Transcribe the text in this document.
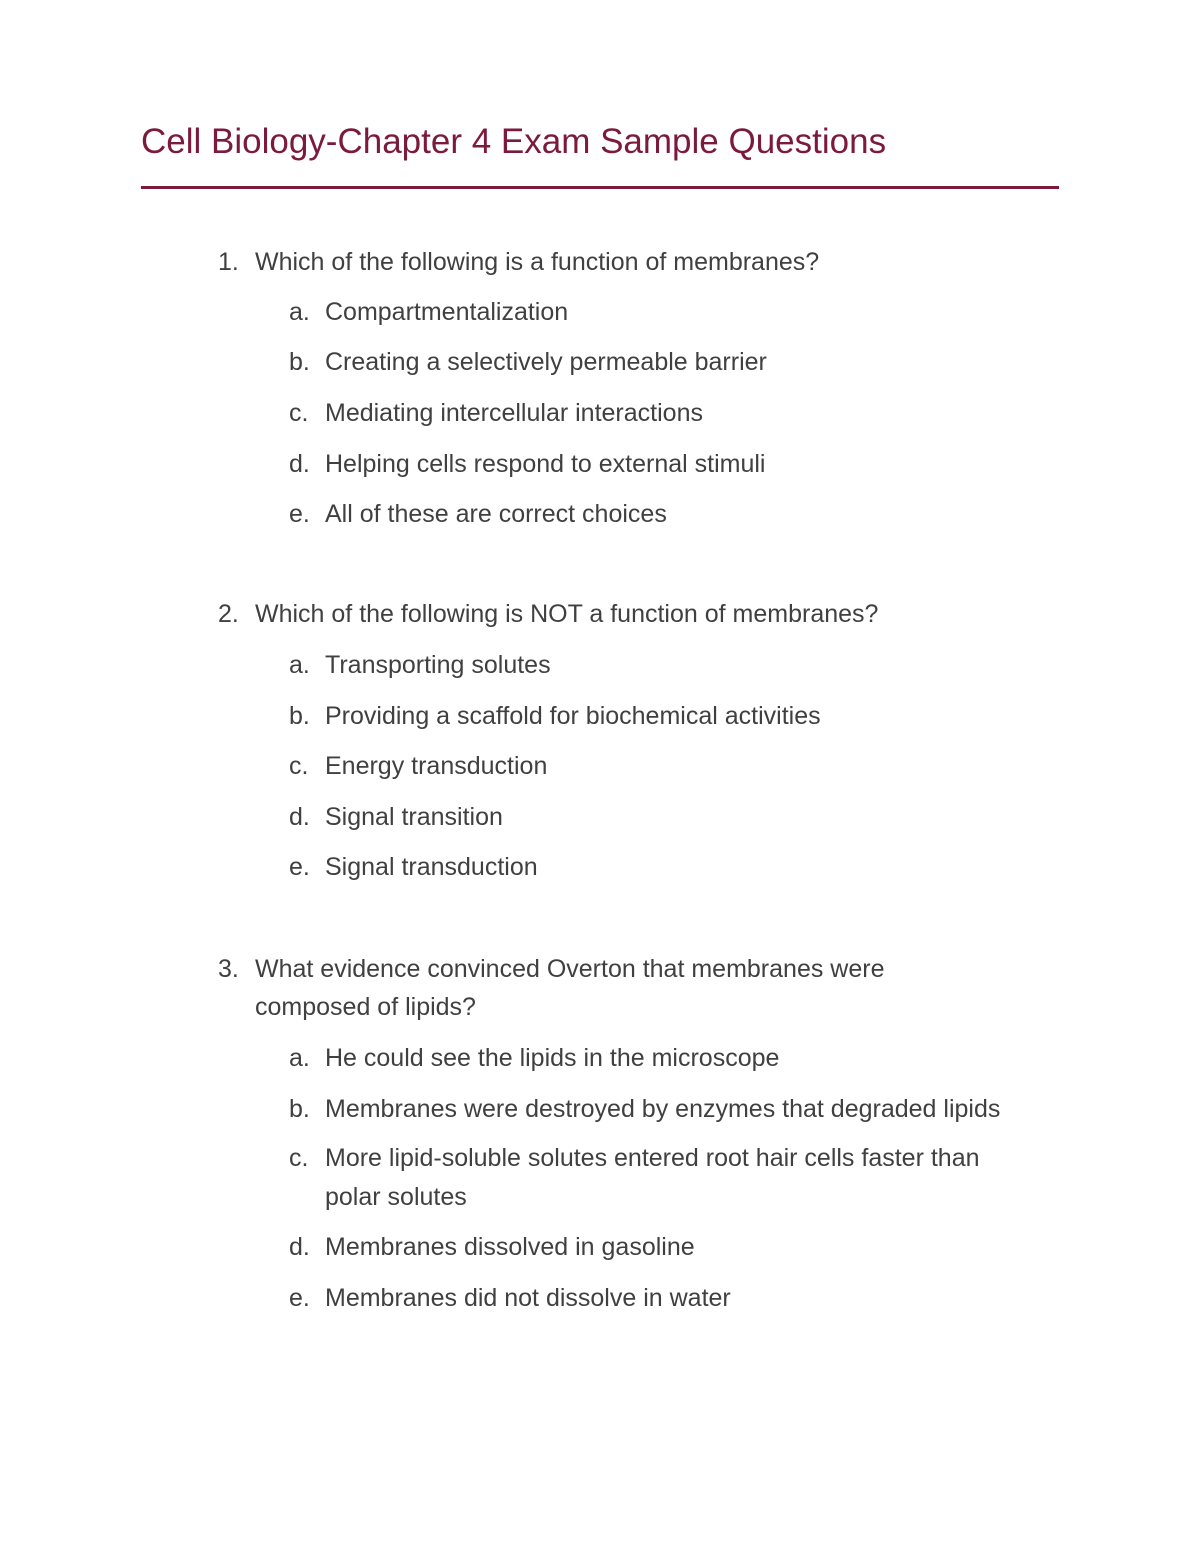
Cell Biology-Chapter 4 Exam Sample Questions
1. Which of the following is a function of membranes?
a. Compartmentalization
b. Creating a selectively permeable barrier
c. Mediating intercellular interactions
d. Helping cells respond to external stimuli
e. All of these are correct choices
2. Which of the following is NOT a function of membranes?
a. Transporting solutes
b. Providing a scaffold for biochemical activities
c. Energy transduction
d. Signal transition
e. Signal transduction
3. What evidence convinced Overton that membranes were
composed of lipids?
a. He could see the lipids in the microscope
b. Membranes were destroyed by enzymes that degraded lipids
c. More lipid-soluble solutes entered root hair cells faster than
polar solutes
d. Membranes dissolved in gasoline
e. Membranes did not dissolve in water
